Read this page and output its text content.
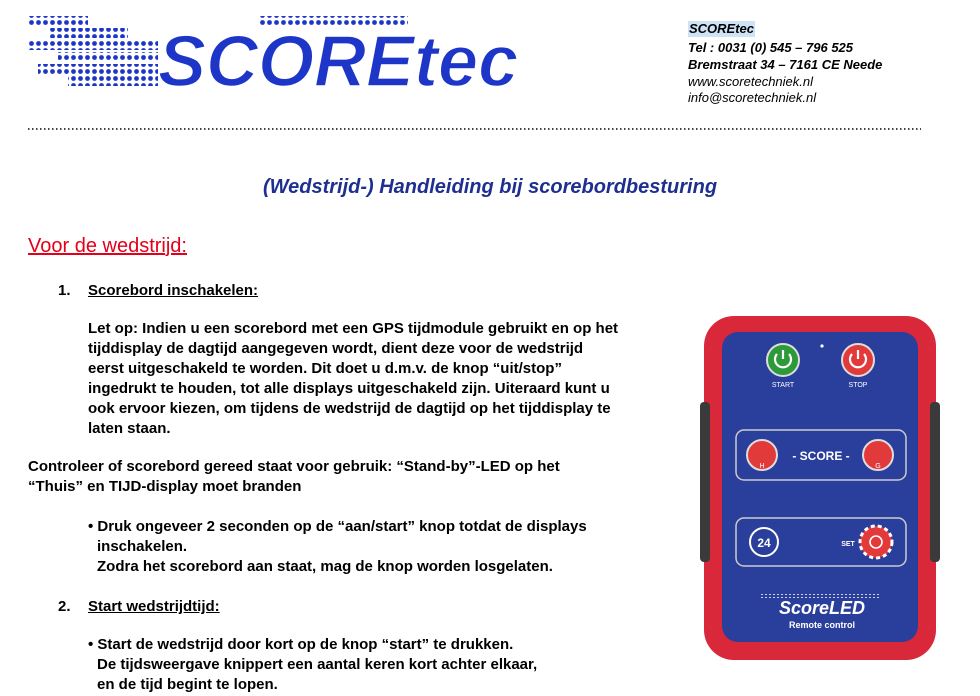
SCOREtec	SCOREtec
Tel : 0031 (0) 545 – 796 525
Bremstraat 34 – 7161 CE Neede
www.scoretechniek.nl
info@scoretechniek.nl
(Wedstrijd-) Handleiding bij scorebordbesturing
Voor de wedstrijd:
1. Scorebord inschakelen:
Let op: Indien u een scorebord met een GPS tijdmodule gebruikt en op het
tijddisplay de dagtijd aangegeven wordt, dient deze voor de wedstrijd
eerst uitgeschakeld te worden. Dit doet u d.m.v. de knop “uit/stop”
ingedrukt te houden, tot alle displays uitgeschakeld zijn. Uiteraard kunt u
ook ervoor kiezen, om tijdens de wedstrijd de dagtijd op het tijddisplay te
laten staan.
Controleer of scorebord gereed staat voor gebruik: “Stand-by”-LED op het
“Thuis” en TIJD-display moet branden
• Druk ongeveer 2 seconden op de “aan/start” knop totdat de displays
inschakelen.
Zodra het scorebord aan staat, mag de knop worden losgelaten.
2. Start wedstrijdtijd:
• Start de wedstrijd door kort op de knop “start” te drukken.
De tijdsweergave knippert een aantal keren kort achter elkaar,
en de tijd begint te lopen.
START	STOP
H
- SCORE -
G
24	SET
ScoreLED
Remote control
